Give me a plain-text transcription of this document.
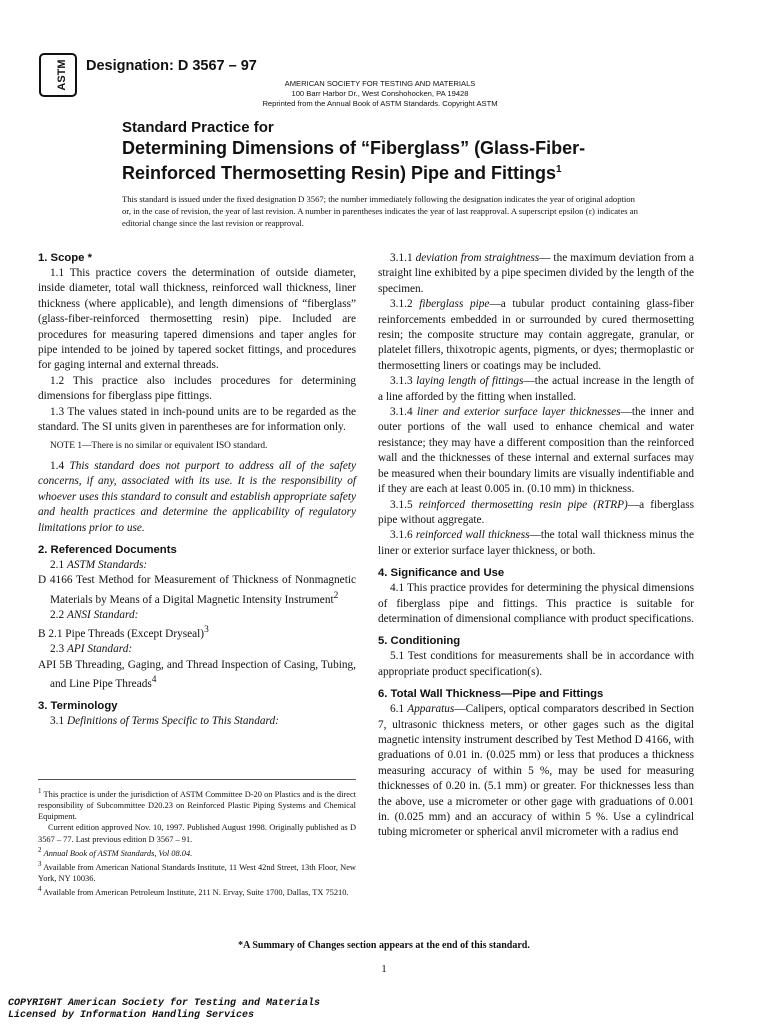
ASTM Designation: D 3567 – 97
AMERICAN SOCIETY FOR TESTING AND MATERIALS
100 Barr Harbor Dr., West Conshohocken, PA 19428
Reprinted from the Annual Book of ASTM Standards. Copyright ASTM
Standard Practice for
Determining Dimensions of “Fiberglass” (Glass-Fiber-
Reinforced Thermosetting Resin) Pipe and Fittings$^1$
This standard is issued under the fixed designation D 3567; the number immediately following the designation indicates the year of original adoption or, in the case of revision, the year of last revision. A number in parentheses indicates the year of last reapproval. A superscript epsilon (ε) indicates an editorial change since the last revision or reapproval.
1. Scope *

1.1 This practice covers the determination of outside diameter, inside diameter, total wall thickness, reinforced wall thickness, liner thickness (where applicable), and length dimensions of “fiberglass” (glass-fiber-reinforced thermosetting resin) pipe. Included are procedures for measuring tapered dimensions and taper angles for pipe intended to be joined by tapered socket fittings, and procedures for gaging internal and external threads.

1.2 This practice also includes procedures for determining dimensions for fiberglass pipe fittings.

1.3 The values stated in inch-pound units are to be regarded as the standard. The SI units given in parentheses are for information only.

NOTE 1—There is no similar or equivalent ISO standard.

1.4 This standard does not purport to address all of the safety concerns, if any, associated with its use. It is the responsibility of whoever uses this standard to consult and establish appropriate safety and health practices and determine the applicability of regulatory limitations prior to use.

2. Referenced Documents

2.1 ASTM Standards:

D 4166 Test Method for Measurement of Thickness of Nonmagnetic Materials by Means of a Digital Magnetic Intensity Instrument$^2$

2.2 ANSI Standard:

B 2.1 Pipe Threads (Except Dryseal)$^3$

2.3 API Standard:

API 5B Threading, Gaging, and Thread Inspection of Casing, Tubing, and Line Pipe Threads$^4$

3. Terminology

3.1 Definitions of Terms Specific to This Standard:

$^1$ This practice is under the jurisdiction of ASTM Committee D-20 on Plastics and is the direct responsibility of Subcommittee D20.23 on Reinforced Plastic Piping Systems and Chemical Equipment.
Current edition approved Nov. 10, 1997. Published August 1998. Originally published as D 3567 – 77. Last previous edition D 3567 – 91.
$^2$ Annual Book of ASTM Standards, Vol 08.04.
$^3$ Available from American National Standards Institute, 11 West 42nd Street, 13th Floor, New York, NY 10036.
$^4$ Available from American Petroleum Institute, 211 N. Ervay, Suite 1700, Dallas, TX 75210.

3.1.1 deviation from straightness— the maximum deviation from a straight line exhibited by a pipe specimen divided by the length of the specimen.

3.1.2 fiberglass pipe—a tubular product containing glass-fiber reinforcements embedded in or surrounded by cured thermosetting resin; the composite structure may contain aggregate, granular, or platelet fillers, thixotropic agents, pigments, or dyes; thermoplastic or thermosetting liners or coatings may be included.

3.1.3 laying length of fittings—the actual increase in the length of a line afforded by the fitting when installed.

3.1.4 liner and exterior surface layer thicknesses—the inner and outer portions of the wall used to enhance chemical and water resistance; they may have a different composition than the reinforced wall and the thicknesses of these internal and external surfaces may be measured when their boundary limits are visually indentifiable and if they are each at least 0.005 in. (0.10 mm) in thickness.

3.1.5 reinforced thermosetting resin pipe (RTRP)—a fiberglass pipe without aggregate.

3.1.6 reinforced wall thickness—the total wall thickness minus the liner or exterior surface layer thickness, or both.

4. Significance and Use

4.1 This practice provides for determining the physical dimensions of fiberglass pipe and fittings. This practice is suitable for determination of dimensional compliance with product specifications.

5. Conditioning

5.1 Test conditions for measurements shall be in accordance with appropriate product specification(s).

6. Total Wall Thickness—Pipe and Fittings

6.1 Apparatus—Calipers, optical comparators described in Section 7, ultrasonic thickness meters, or other gages such as the digital magnetic intensity instrument described by Test Method D 4166, with graduations of 0.01 in. (0.025 mm) or less that produces a thickness measuring accuracy of within 5 %, may be used for measuring thicknesses of 0.20 in. (5.1 mm) or greater. For thicknesses less than the above, use a micrometer or other gage with graduations of 0.001 in. (0.025 mm) and an accuracy of within 5 %. Use a cylindrical tubing micrometer or spherical anvil micrometer with a radius end

*A Summary of Changes section appears at the end of this standard.
1
COPYRIGHT American Society for Testing and Materials
Licensed by Information Handling Services
